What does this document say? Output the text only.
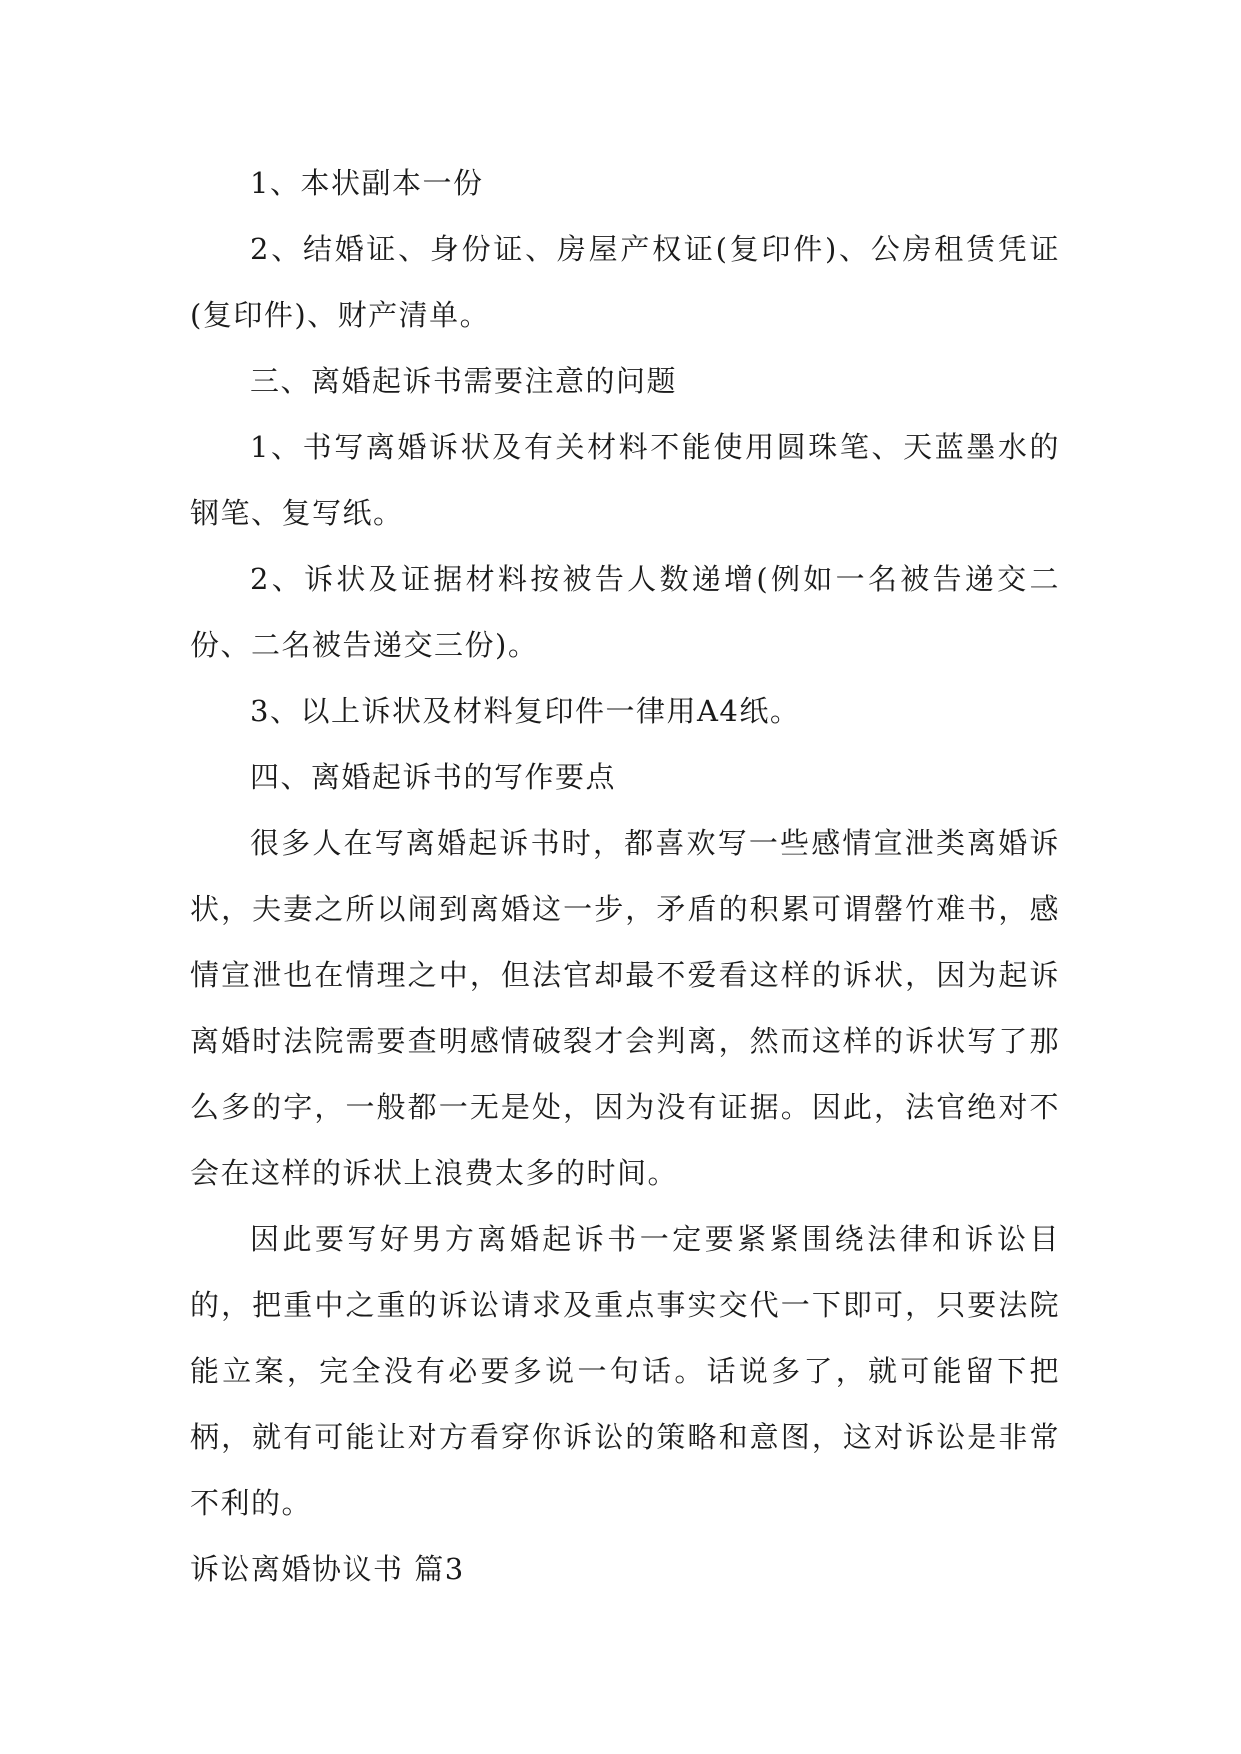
1、本状副本一份

2、结婚证、身份证、房屋产权证(复印件)、公房租赁凭证(复印件)、财产清单。

三、离婚起诉书需要注意的问题

1、书写离婚诉状及有关材料不能使用圆珠笔、天蓝墨水的钢笔、复写纸。

2、诉状及证据材料按被告人数递增(例如一名被告递交二份、二名被告递交三份)。

3、以上诉状及材料复印件一律用A4纸。

四、离婚起诉书的写作要点

很多人在写离婚起诉书时，都喜欢写一些感情宣泄类离婚诉状，夫妻之所以闹到离婚这一步，矛盾的积累可谓罄竹难书，感情宣泄也在情理之中，但法官却最不爱看这样的诉状，因为起诉离婚时法院需要查明感情破裂才会判离，然而这样的诉状写了那么多的字，一般都一无是处，因为没有证据。因此，法官绝对不会在这样的诉状上浪费太多的时间。

因此要写好男方离婚起诉书一定要紧紧围绕法律和诉讼目的，把重中之重的诉讼请求及重点事实交代一下即可，只要法院能立案，完全没有必要多说一句话。话说多了，就可能留下把柄，就有可能让对方看穿你诉讼的策略和意图，这对诉讼是非常不利的。

诉讼离婚协议书 篇3
